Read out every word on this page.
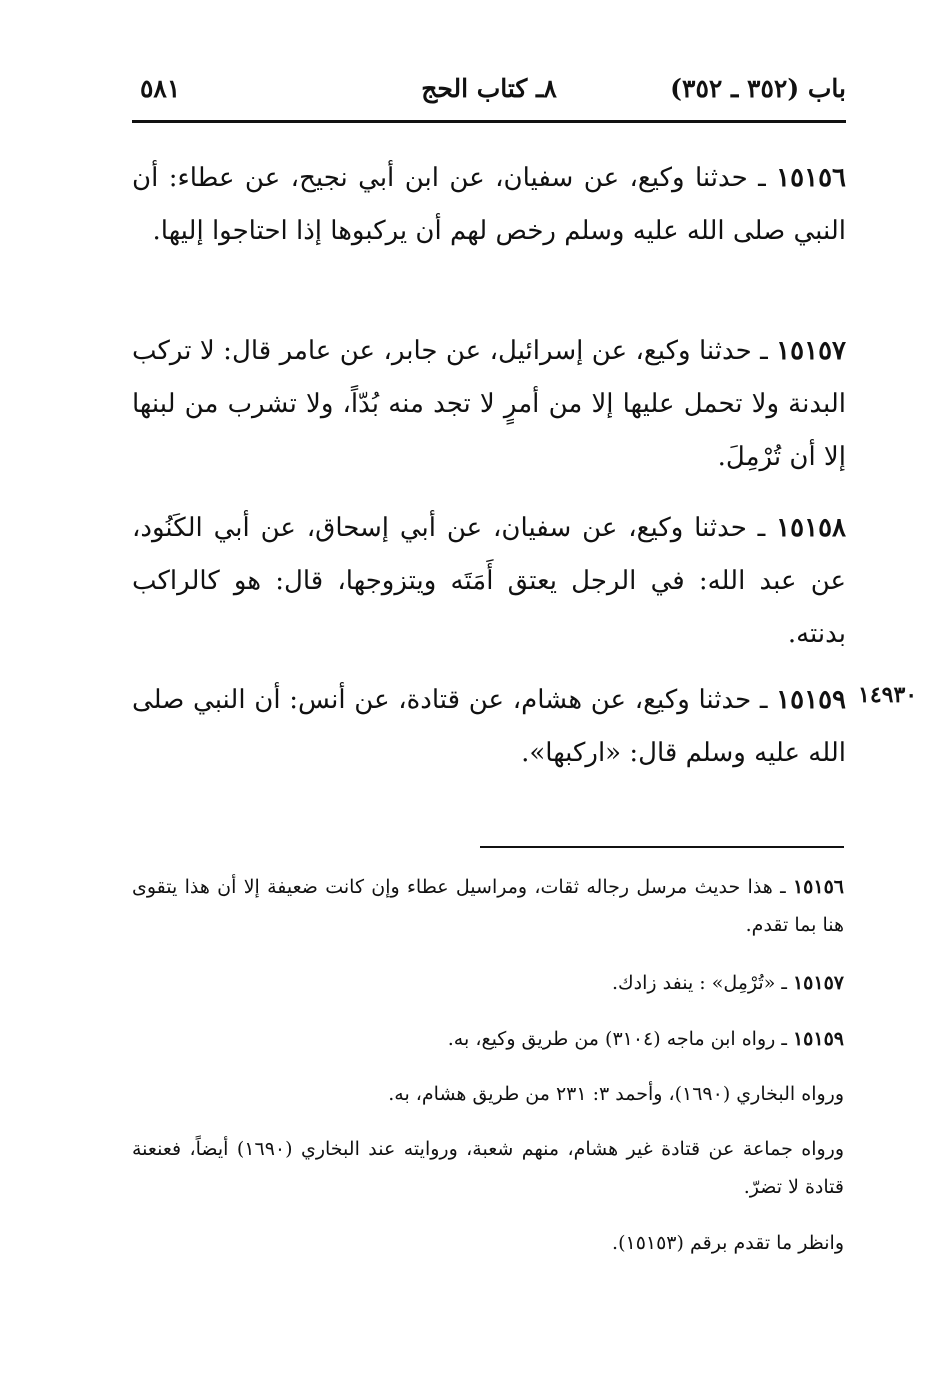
باب (٣٥٢ ـ ٣٥٢)
٨ـ كتاب الحج
٥٨١

١٥١٥٦ ـ حدثنا وكيع، عن سفيان، عن ابن أبي نجيح، عن عطاء: أن النبي صلى الله عليه وسلم رخص لهم أن يركبوها إذا احتاجوا إليها.

١٥١٥٧ ـ حدثنا وكيع، عن إسرائيل، عن جابر، عن عامر قال: لا تركب البدنة ولا تحمل عليها إلا من أمرٍ لا تجد منه بُدّاً، ولا تشرب من لبنها إلا أن تُرْمِلَ.

١٥١٥٨ ـ حدثنا وكيع، عن سفيان، عن أبي إسحاق، عن أبي الكَنُود، عن عبد الله: في الرجل يعتق أَمَتَه ويتزوجها، قال: هو كالراكب بدنته.

١٥١٥٩ ـ حدثنا وكيع، عن هشام، عن قتادة، عن أنس: أن النبي صلى الله عليه وسلم قال: «اركبها».

١٤٩٣٠

١٥١٥٦ ـ هذا حديث مرسل رجاله ثقات، ومراسيل عطاء وإن كانت ضعيفة إلا أن هذا يتقوى هنا بما تقدم.

١٥١٥٧ ـ «تُرْمِل» : ينفد زادك.

١٥١٥٩ ـ رواه ابن ماجه (٣١٠٤) من طريق وكيع، به.

ورواه البخاري (١٦٩٠)، وأحمد ٣: ٢٣١ من طريق هشام، به.

ورواه جماعة عن قتادة غير هشام، منهم شعبة، وروايته عند البخاري (١٦٩٠) أيضاً، فعنعنة قتادة لا تضرّ.

وانظر ما تقدم برقم (١٥١٥٣).
